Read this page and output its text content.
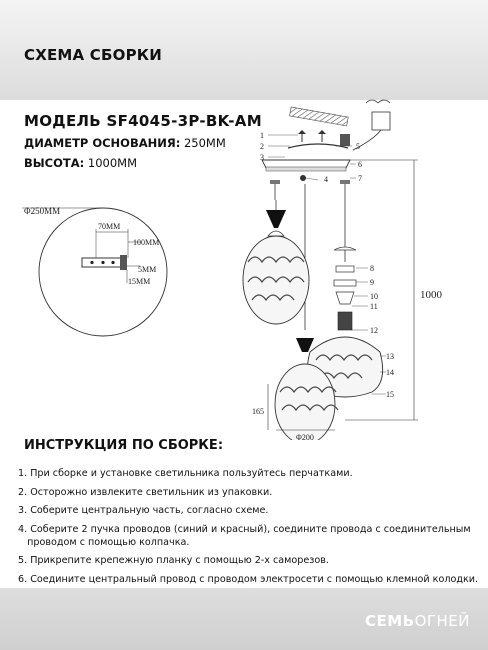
СХЕМА СБОРКИ
МОДЕЛЬ SF4045-3P-BK-AM
ДИАМЕТР ОСНОВАНИЯ: 250ММ
ВЫСОТА: 1000ММ
Φ250MM
70MM
100MM
5MM
15MM
1000
165
Φ200
1
2
3
4
5
6
7
8
9
10
11
12
13
14
15
ИНСТРУКЦИЯ ПО СБОРКЕ:
1. При сборке и установке светильника пользуйтесь перчатками.
2. Осторожно извлеките светильник из упаковки.
3. Соберите центральную часть, согласно схеме.
4. Соберите 2 пучка проводов (синий и красный), соедините провода с соединительным
проводом с помощью колпачка.
5. Прикрепите крепежную планку с помощью 2-х саморезов.
6. Соедините центральный провод с проводом электросети с помощью клемной колодки.
СЕМЬОГНЕЙ
